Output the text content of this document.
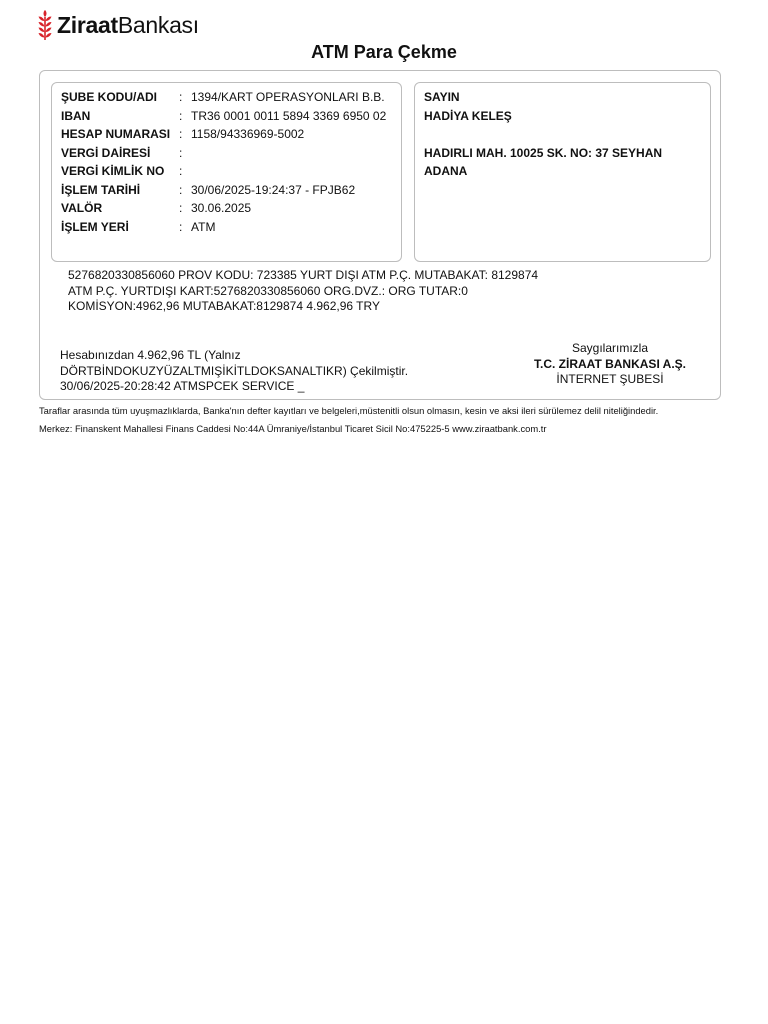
ZiraatBankası
ATM Para Çekme
ŞUBE KODU/ADI	: 1394/KART OPERASYONLARI B.B.
IBAN	: TR36 0001 0011 5894 3369 6950 02
HESAP NUMARASI : 1158/94336969-5002
VERGİ DAİRESİ	:
VERGİ KİMLİK NO	:
İŞLEM TARİHİ	: 30/06/2025-19:24:37 - FPJB62
VALÖR	: 30.06.2025
İŞLEM YERİ	: ATM
SAYIN
HADİYA KELEŞ
HADIRLI MAH. 10025 SK. NO: 37 SEYHAN
ADANA
5276820330856060 PROV KODU: 723385 YURT DIŞI ATM P.Ç. MUTABAKAT: 8129874
ATM P.Ç. YURTDIŞI KART:5276820330856060 ORG.DVZ.: ORG TUTAR:0
KOMİSYON:4962,96 MUTABAKAT:8129874 4.962,96 TRY
Hesabınızdan 4.962,96 TL (Yalnız
DÖRTBİNDOKUZYÜZALTMIŞİKİTLDOKSANALTIKR) Çekilmiştir.
30/06/2025-20:28:42 ATMSPCEK SERVICE _
Saygılarımızla
T.C. ZİRAAT BANKASI A.Ş.
İNTERNET ŞUBESİ
Taraflar arasında tüm uyuşmazlıklarda, Banka'nın defter kayıtları ve belgeleri,müstenitli olsun olmasın, kesin ve aksi ileri sürülemez delil niteliğindedir.
Merkez: Finanskent Mahallesi Finans Caddesi No:44A Ümraniye/İstanbul Ticaret Sicil No:475225-5 www.ziraatbank.com.tr
